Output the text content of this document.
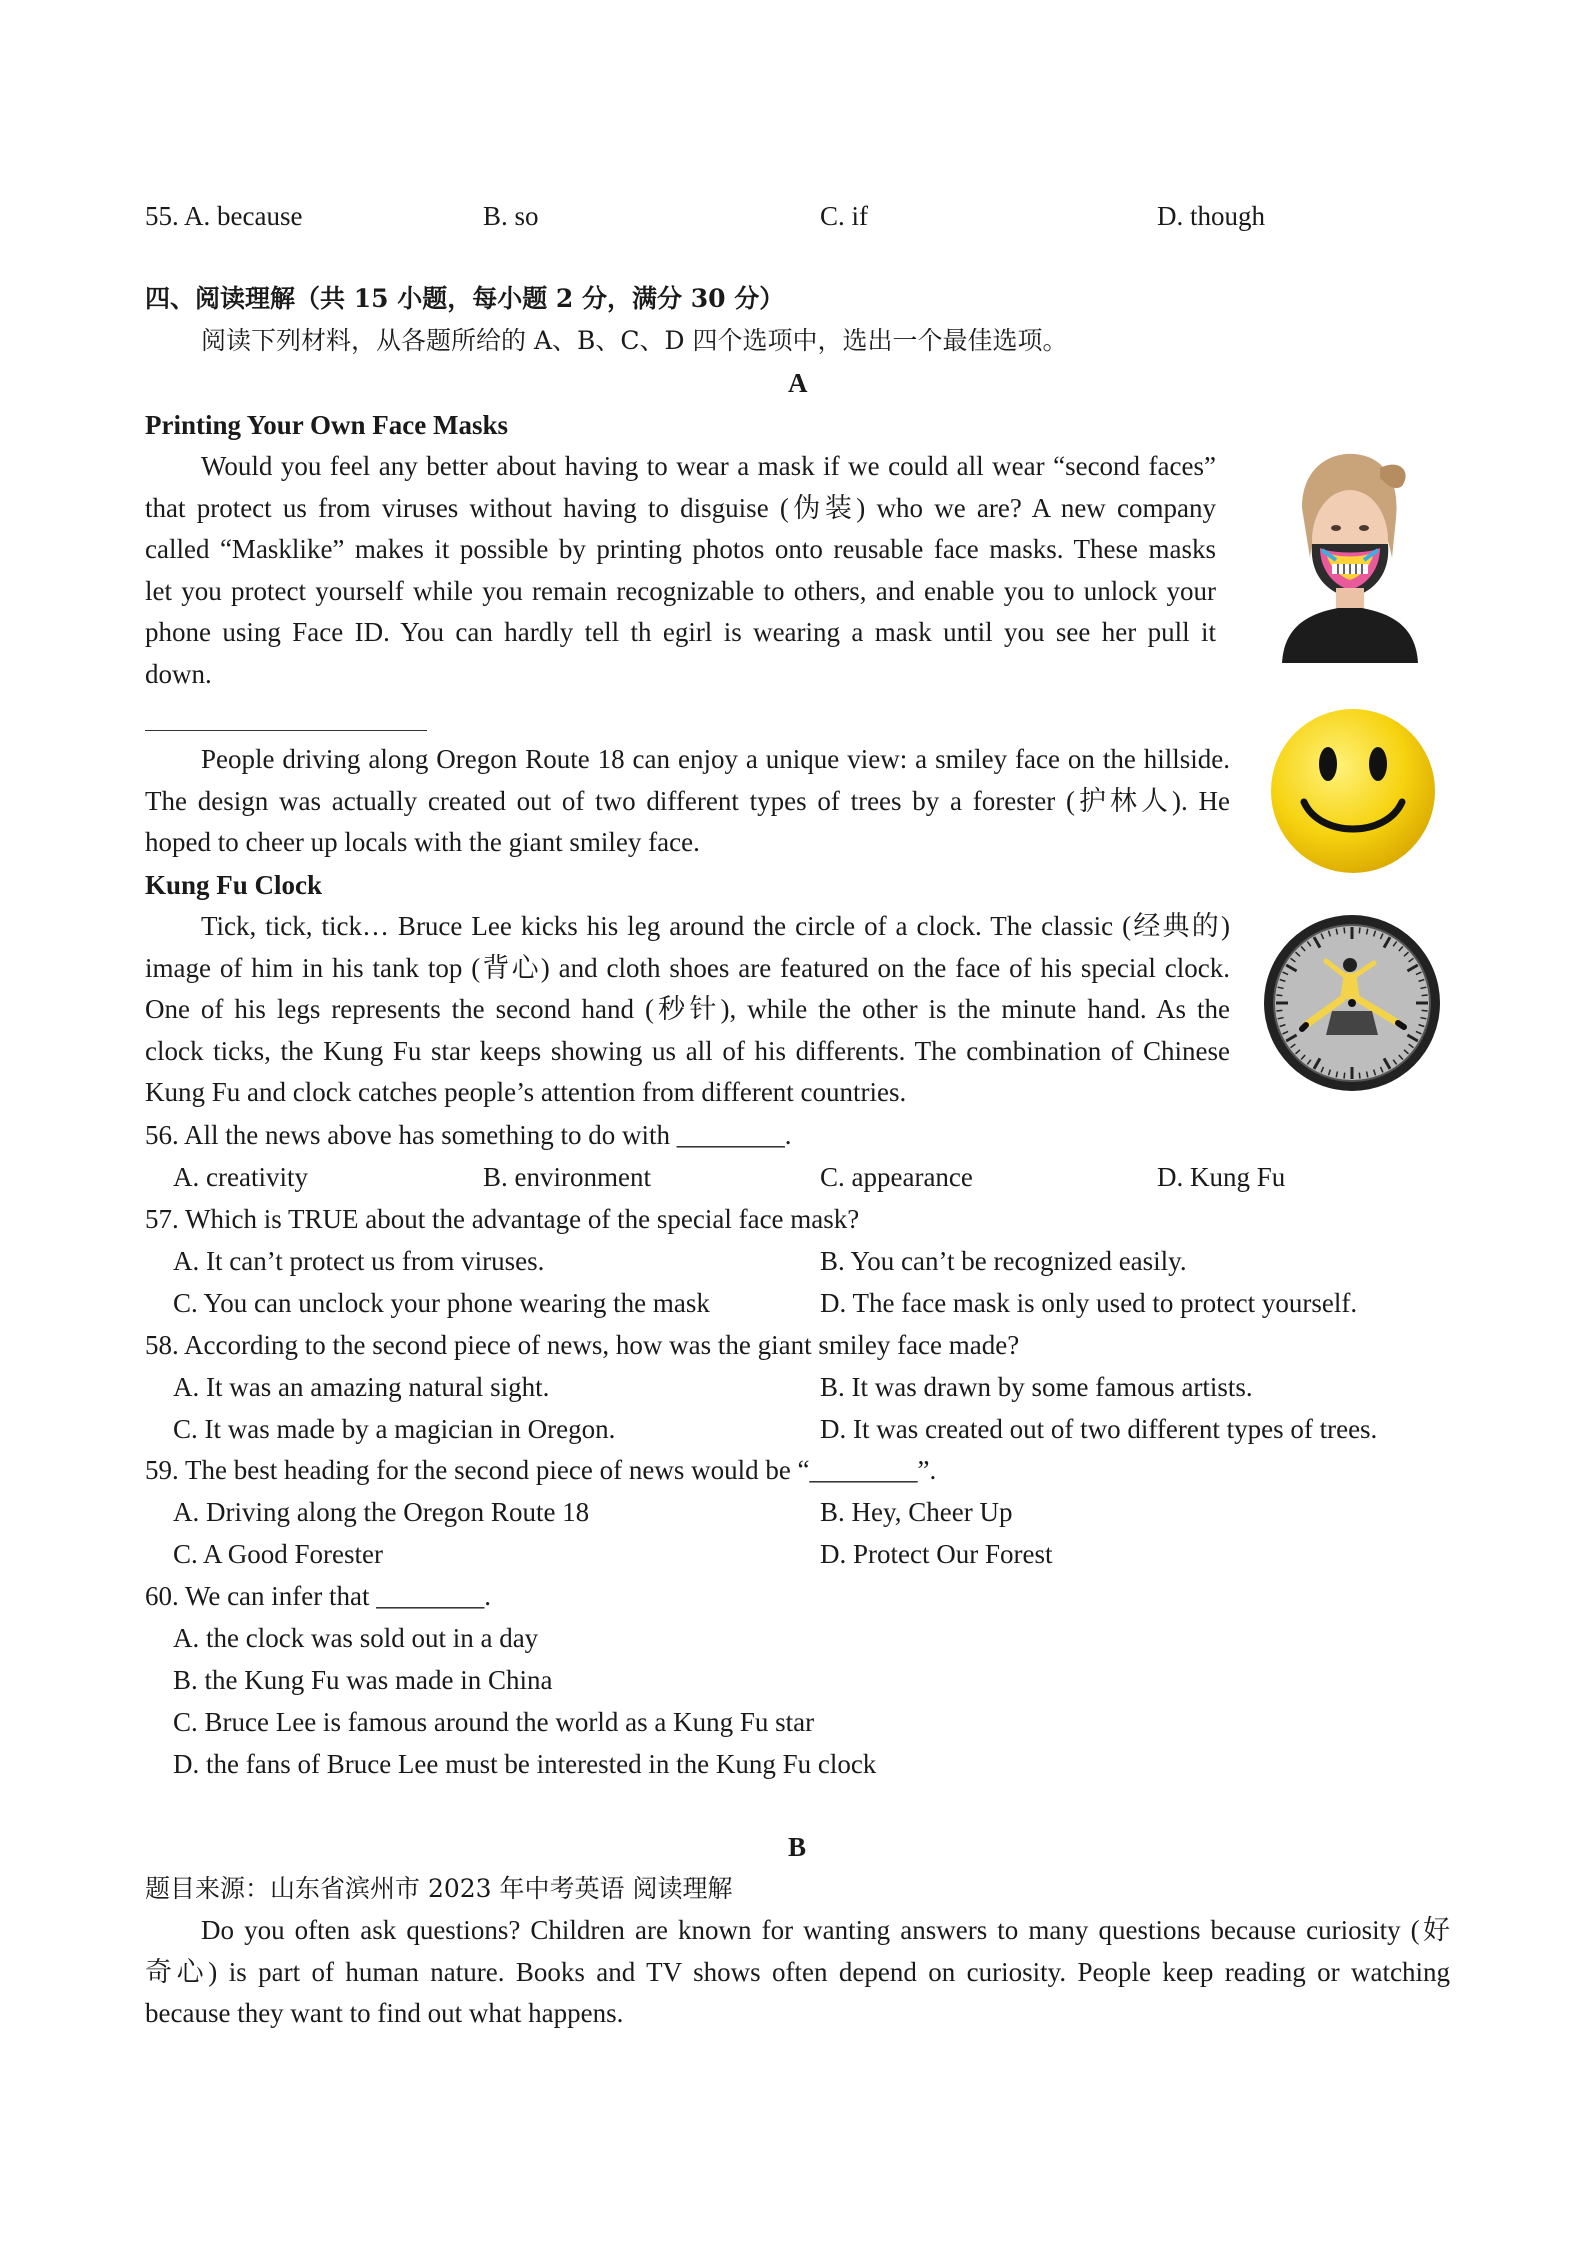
55. A. because	B. so	C. if	D. though
四、阅读理解（共 15 小题，每小题 2 分，满分 30 分）
阅读下列材料，从各题所给的 A、B、C、D 四个选项中，选出一个最佳选项。
A
Printing Your Own Face Masks
Would you feel any better about having to wear a mask if we could all wear “second faces”
that protect us from viruses without having to disguise (伪装) who we are? A new company
called “Masklike” makes it possible by printing photos onto reusable face masks. These masks
let you protect yourself while you remain recognizable to others, and enable you to unlock your
phone using Face ID. You can hardly tell th egirl is wearing a mask until you see her pull it
down.
People driving along Oregon Route 18 can enjoy a unique view: a smiley face on the hillside.
The design was actually created out of two different types of trees by a forester (护林人). He
hoped to cheer up locals with the giant smiley face.
Kung Fu Clock
Tick, tick, tick… Bruce Lee kicks his leg around the circle of a clock. The classic (经典的)
image of him in his tank top (背心) and cloth shoes are featured on the face of his special clock.
One of his legs represents the second hand (秒针), while the other is the minute hand. As the
clock ticks, the Kung Fu star keeps showing us all of his differents. The combination of Chinese
Kung Fu and clock catches people’s attention from different countries.
56. All the news above has something to do with ________.
A. creativity	B. environment	C. appearance	D. Kung Fu
57. Which is TRUE about the advantage of the special face mask?
A. It can’t protect us from viruses.	B. You can’t be recognized easily.
C. You can unclock your phone wearing the mask	D. The face mask is only used to protect yourself.
58. According to the second piece of news, how was the giant smiley face made?
A. It was an amazing natural sight.	B. It was drawn by some famous artists.
C. It was made by a magician in Oregon.	D. It was created out of two different types of trees.
59. The best heading for the second piece of news would be “________”.
A. Driving along the Oregon Route 18	B. Hey, Cheer Up
C. A Good Forester	D. Protect Our Forest
60. We can infer that ________.
A. the clock was sold out in a day
B. the Kung Fu was made in China
C. Bruce Lee is famous around the world as a Kung Fu star
D. the fans of Bruce Lee must be interested in the Kung Fu clock
B
题目来源：山东省滨州市 2023 年中考英语 阅读理解
Do you often ask questions? Children are known for wanting answers to many questions because curiosity (好
奇心) is part of human nature. Books and TV shows often depend on curiosity. People keep reading or watching
because they want to find out what happens.
